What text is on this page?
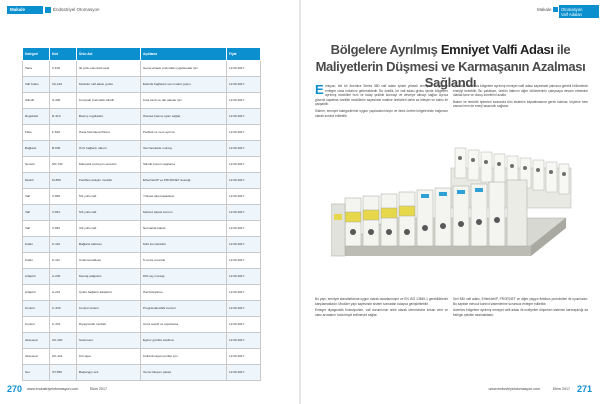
Makale	Endüstriyel Otomasyon
Kategori	Kod	Ürün Adı	Açıklama	Fiyat
Vana	V-100	İki yollu selenoid vana	Genel amaçlı pnömatik uygulamalar için	12.09.2017
Valf Adası	VA-210	Modüler valf adası grubu	Elektrik bağlantılı seri modül yapısı	12.09.2017
Silindir	S-320	Kompakt pnömatik silindir	Kısa strok ve dar alanlar için	12.09.2017
Regülatör	R-410	Basınç regülatörü	Hassas basınç ayarı sağlar	12.09.2017
Filtre	F-520	Hava hazırlama filtresi	Partikül ve nem ayırma	12.09.2017
Bağlantı	B-630	Hızlı bağlantı rakoru	Tek hareketle montaj	12.09.2017
Sensör	SN-740	Manyetik pozisyon sensörü	Silindir konum algılama	12.09.2017
Modül	M-850	Fieldbus iletişim modülü	EtherNet/IP ve PROFINET desteği	12.09.2017
Valf	V-960	5/2 yollu valf	Yüksek akış kapasitesi	12.09.2017
Valf	V-961	5/3 yollu valf	Merkez kapalı konum	12.09.2017
Valf	V-962	3/2 yollu valf	Normalde kapalı	12.09.2017
Kablo	K-110	Bağlantı kablosu	M12 konnektörlü	12.09.2017
Kablo	K-111	Uzatma kablosu	5 metre uzunluk	12.09.2017
Adaptör	A-220	Montaj adaptörü	DIN ray montajı	12.09.2017
Adaptör	A-221	Çoklu bağlantı adaptörü	Hat birleştirme	12.09.2017
Kontrol	C-330	Kontrol ünitesi	Programlanabilir kontrol	12.09.2017
Kontrol	C-331	Diyagnostik modülü	Arıza tespiti ve raporlama	12.09.2017
Aksesuar	AK-440	Susturucu	Egzoz gürültü azaltma	12.09.2017
Aksesuar	AK-441	Kör tapa	Kullanılmayan portlar için	12.09.2017
Set	ST-550	Başlangıç seti	Temel bileşen paketi	12.09.2017
270 www.endustriyelotomasyon.com	Ekim 2017
Makale Otomasyon
Valf Adaları
Bölgelere Ayrılmış Emniyet Valfi Adası ile Maliyetlerin Düşmesi ve Karmaşanın Azalması Sağlandı

Emisyon, tek bir Aventics Series 580 valf adası içinde yüksek emniyetli bölgelerin entegre olma imkanını getirmektedir. Bu özellik, bir valf adası grubu içinde bölgelere ayrılmış modülleri hızlı ve kolay şekilde kurmayı ve devreye almayı sağlar. Ayrıca güvenli kapatma özellikli modüllerin sayesinde makine üreticileri daha az bileşen ve kablo ile çalışabilir.

Sistem, emniyet kategorilerine uygun yapılandırılmıştır ve farklı üretim bölgelerinde bağımsız olarak kontrol edilebilir.

Operatör, Aventics bölgelere ayrılmış emniyet valfi adası sayesinde yalnızca gerekli bölümlerde enerjiyi kesebilir. Bu yaklaşım, üretim hattının diğer bölümlerinin çalışmaya devam etmesine olanak tanır ve duruş sürelerini azaltır.

Bakım ve temizlik işlemleri sırasında tüm sistemin kapatılmasına gerek kalmaz; böylece hem zaman hem de enerji tasarrufu sağlanır.

Bu yapı, emniyet standartlarına uygun olarak tasarlanmıştır ve EN ISO 13849-1 gerekliliklerini karşılamaktadır. Modüler yapı sayesinde sistem sonradan kolayca genişletilebilir.

Entegre diyagnostik fonksiyonları, valf durumunun anlık olarak izlenmesine imkan verir ve olası arızaların hızla tespit edilmesini sağlar.

Seri 580 valf adası, EtherNet/IP, PROFINET ve diğer yaygın fieldbus protokolleri ile uyumludur. Bu sayede mevcut kontrol sistemlerine sorunsuz entegre edilebilir.

Aventics bölgelere ayrılmış emniyet valfi adası ile maliyetler düşerken sistemin karmaşıklığı da belirgin şekilde azalmaktadır.

www.endustriyelotomasyon.com	Ekim 2017 271
